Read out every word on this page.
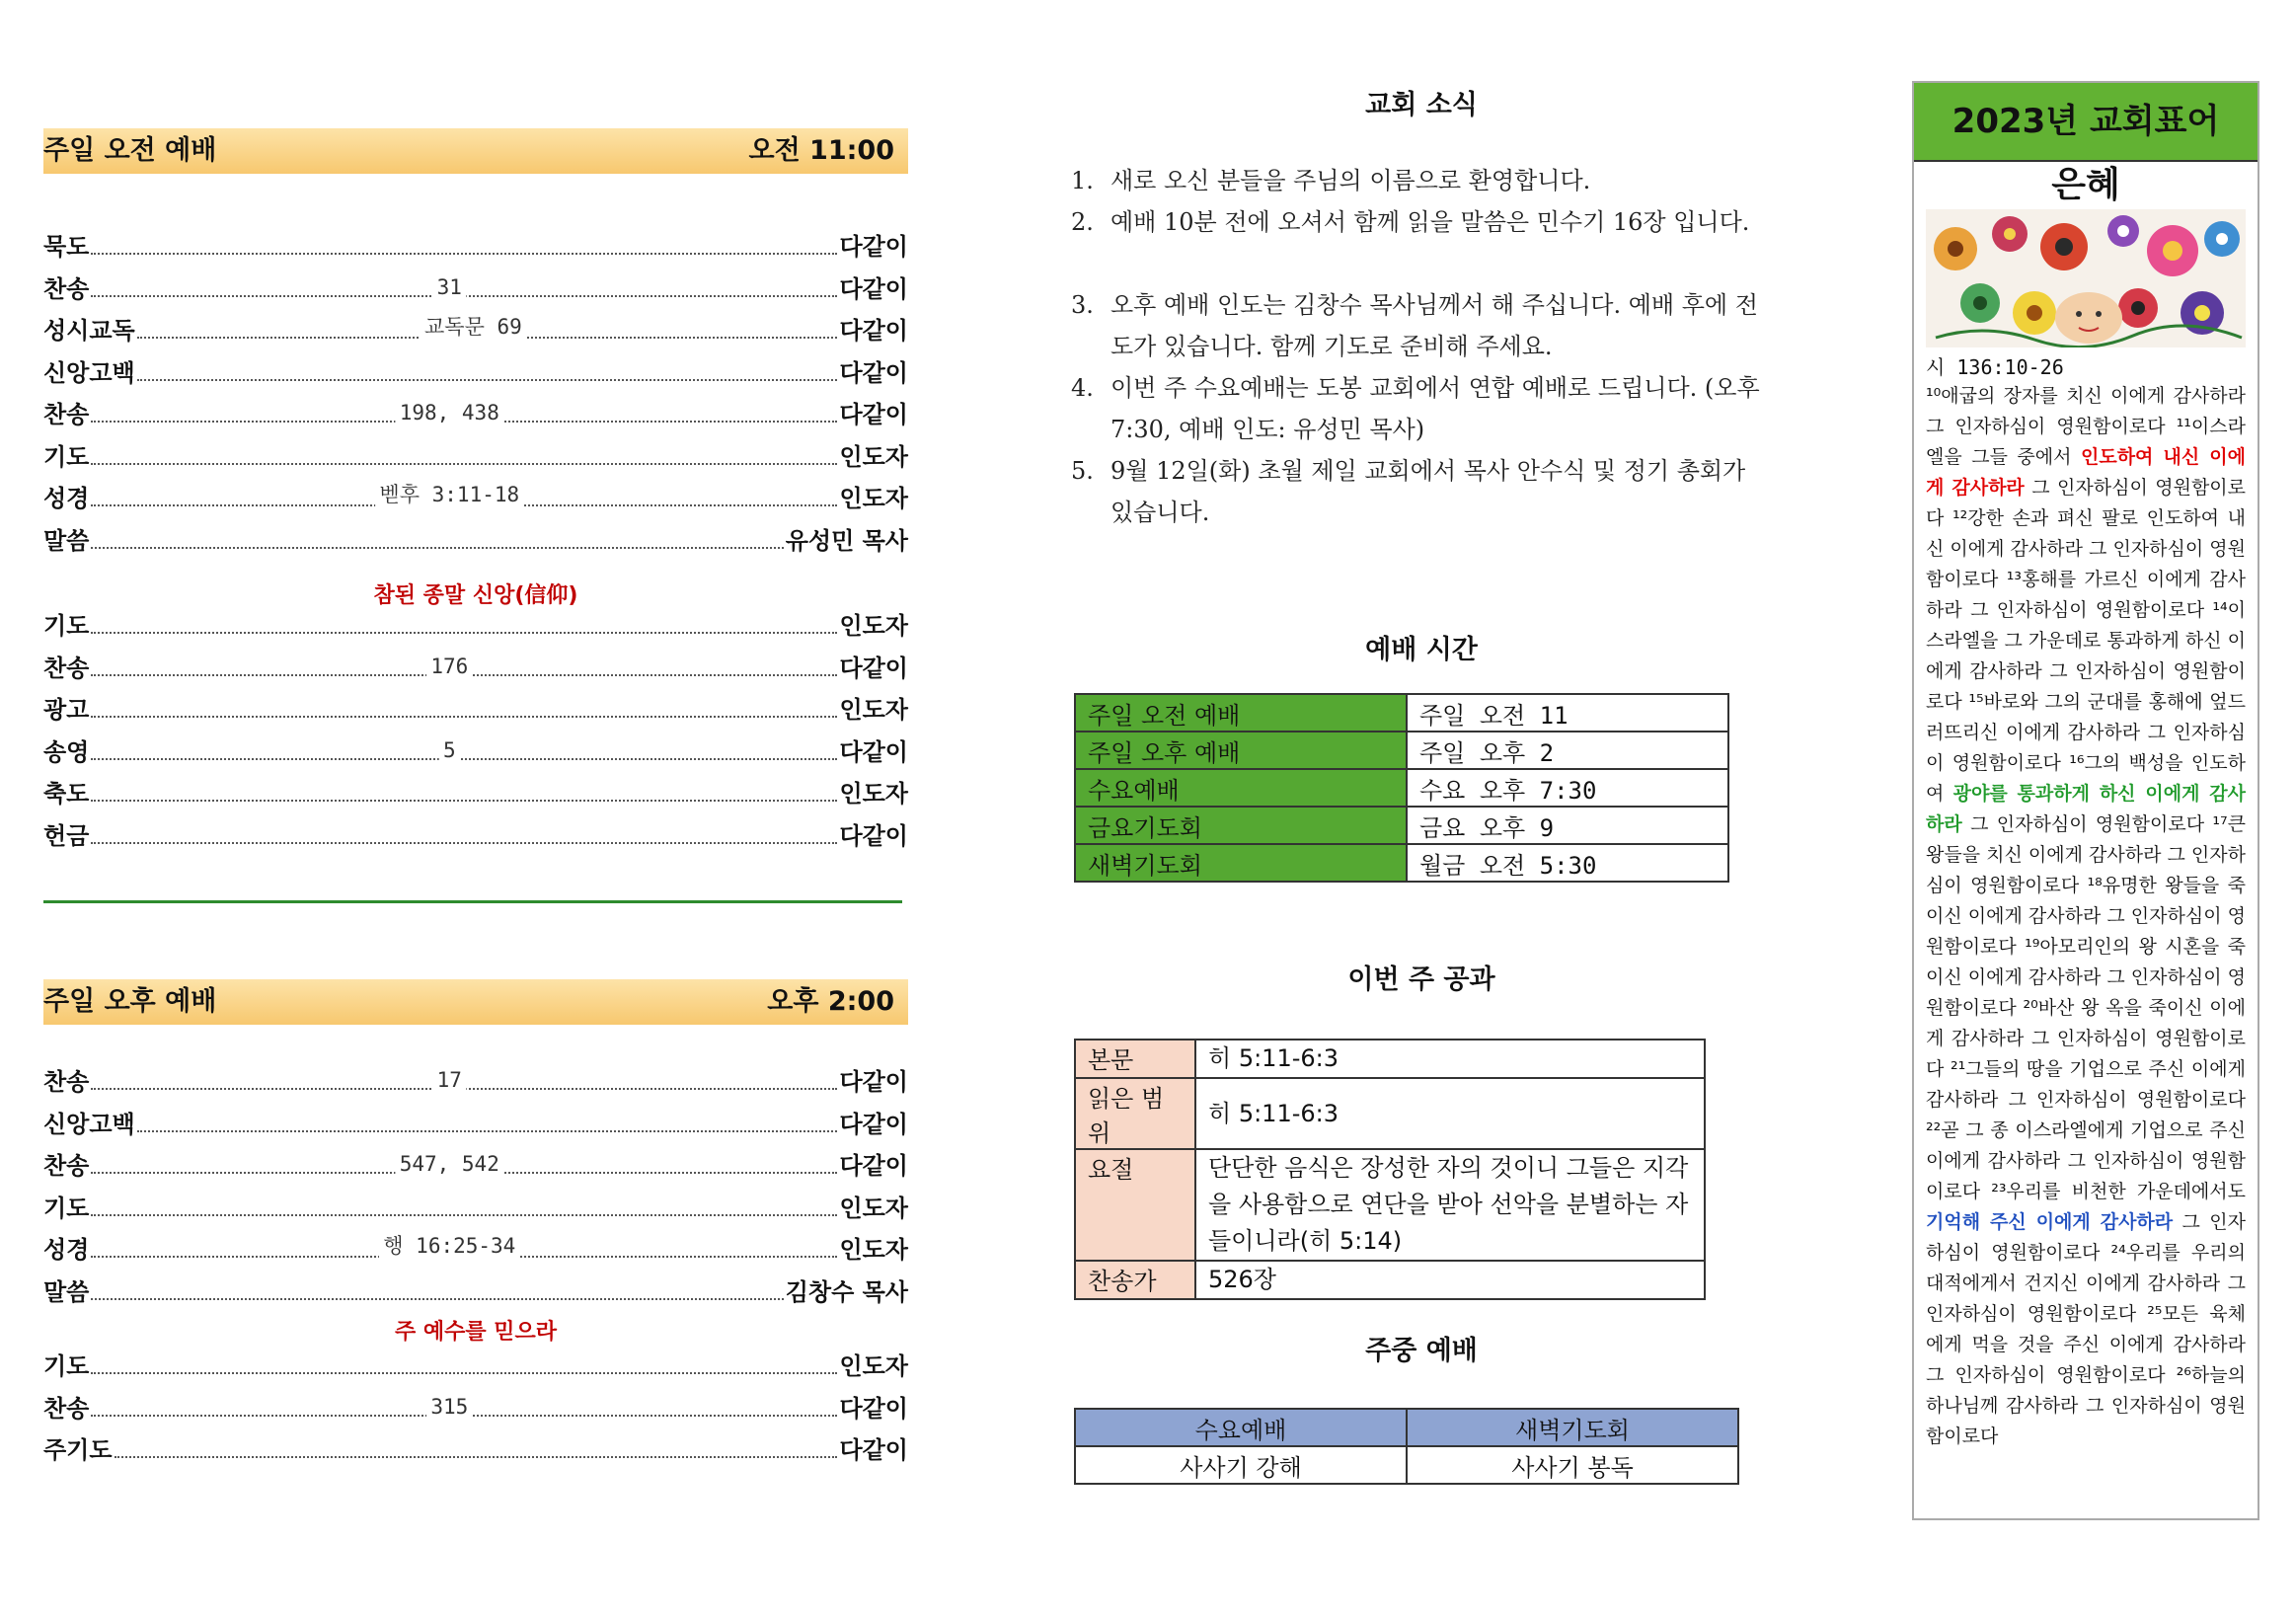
주일 오전 예배	오전 11:00
묵도	다같이
찬송	31	다같이
성시교독	교독문 69	다같이
신앙고백	다같이
찬송	198, 438	다같이
기도	인도자
성경	벧후 3:11-18	인도자
말씀	유성민 목사
참된 종말 신앙(信仰)
기도	인도자
찬송	176	다같이
광고	인도자
송영	5	다같이
축도	인도자
헌금	다같이
주일 오후 예배	오후 2:00
찬송	17	다같이
신앙고백	다같이
찬송	547, 542	다같이
기도	인도자
성경	행 16:25-34	인도자
말씀	김창수 목사
주 예수를 믿으라
기도	인도자
찬송	315	다같이
주기도	다같이
교회 소식
1. 새로 오신 분들을 주님의 이름으로 환영합니다.
2. 예배 10분 전에 오셔서 함께 읽을 말씀은 민수기 16장 입니다.
3. 오후 예배 인도는 김창수 목사님께서 해 주십니다. 예배 후에 전도가 있습니다. 함께 기도로 준비해 주세요.
4. 이번 주 수요예배는 도봉 교회에서 연합 예배로 드립니다. (오후 7:30, 예배 인도: 유성민 목사)
5. 9월 12일(화) 초월 제일 교회에서 목사 안수식 및 정기 총회가 있습니다.
예배 시간
주일 오전 예배	주일 오전 11
주일 오후 예배	주일 오후 2
수요예배	수요 오후 7:30
금요기도회	금요 오후 9
새벽기도회	월금 오전 5:30
이번 주 공과
본문	히 5:11-6:3
읽은 범위	히 5:11-6:3
요절	단단한 음식은 장성한 자의 것이니 그들은 지각을 사용함으로 연단을 받아 선악을 분별하는 자들이니라(히 5:14)
찬송가	526장
주중 예배
수요예배	새벽기도회
사사기 강해	사사기 봉독
2023년 교회표어
은혜
시 136:10-26
¹⁰애굽의 장자를 치신 이에게 감사하라 그 인자하심이 영원함이로다 ¹¹이스라엘을 그들 중에서 인도하여 내신 이에게 감사하라 그 인자하심이 영원함이로다 ¹²강한 손과 펴신 팔로 인도하여 내신 이에게 감사하라 그 인자하심이 영원함이로다 ¹³홍해를 가르신 이에게 감사하라 그 인자하심이 영원함이로다 ¹⁴이스라엘을 그 가운데로 통과하게 하신 이에게 감사하라 그 인자하심이 영원함이로다 ¹⁵바로와 그의 군대를 홍해에 엎드러뜨리신 이에게 감사하라 그 인자하심이 영원함이로다 ¹⁶그의 백성을 인도하여 광야를 통과하게 하신 이에게 감사하라 그 인자하심이 영원함이로다 ¹⁷큰 왕들을 치신 이에게 감사하라 그 인자하심이 영원함이로다 ¹⁸유명한 왕들을 죽이신 이에게 감사하라 그 인자하심이 영원함이로다 ¹⁹아모리인의 왕 시혼을 죽이신 이에게 감사하라 그 인자하심이 영원함이로다 ²⁰바산 왕 옥을 죽이신 이에게 감사하라 그 인자하심이 영원함이로다 ²¹그들의 땅을 기업으로 주신 이에게 감사하라 그 인자하심이 영원함이로다 ²²곧 그 종 이스라엘에게 기업으로 주신 이에게 감사하라 그 인자하심이 영원함이로다 ²³우리를 비천한 가운데에서도 기억해 주신 이에게 감사하라 그 인자하심이 영원함이로다 ²⁴우리를 우리의 대적에게서 건지신 이에게 감사하라 그 인자하심이 영원함이로다 ²⁵모든 육체에게 먹을 것을 주신 이에게 감사하라 그 인자하심이 영원함이로다 ²⁶하늘의 하나님께 감사하라 그 인자하심이 영원함이로다
